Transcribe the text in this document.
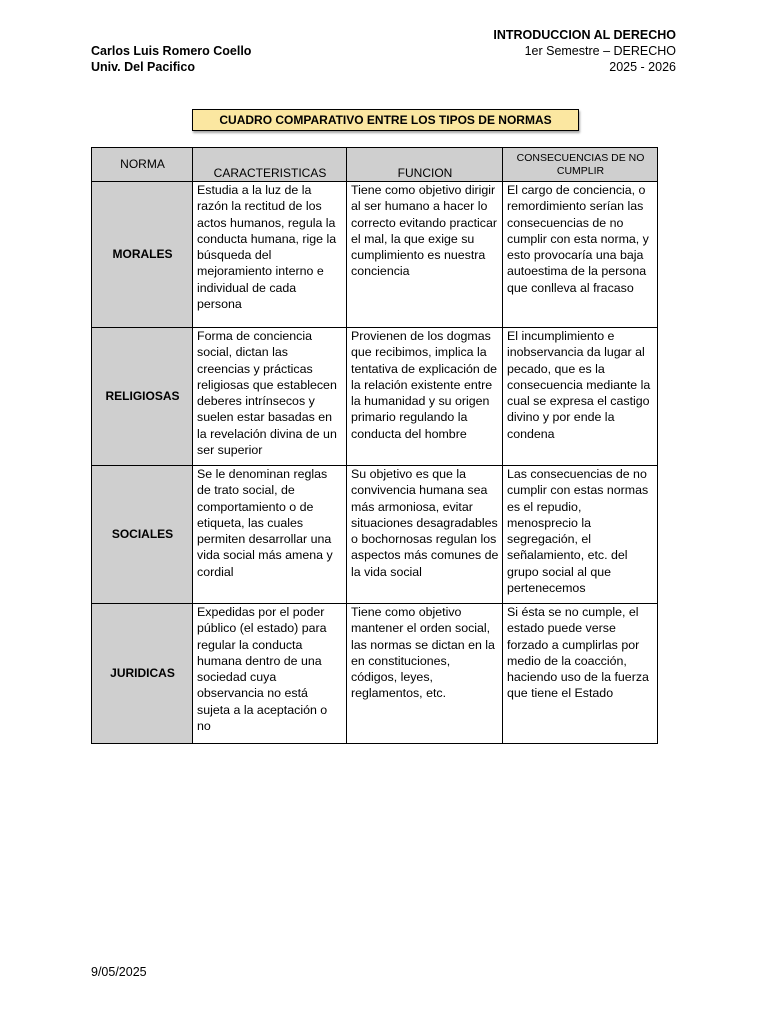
INTRODUCCION AL DERECHO
1er Semestre – DERECHO
2025 - 2026
Carlos Luis Romero Coello
Univ. Del Pacifico
CUADRO COMPARATIVO ENTRE LOS TIPOS DE NORMAS
NORMA	CARACTERISTICAS	FUNCION	CONSECUENCIAS DE NO CUMPLIR
MORALES	Estudia a la luz de la razón la rectitud de los actos humanos, regula la conducta humana, rige la búsqueda del mejoramiento interno e individual de cada persona	Tiene como objetivo dirigir al ser humano a hacer lo correcto evitando practicar el mal, la que exige su cumplimiento es nuestra conciencia	El cargo de conciencia, o remordimiento serían las consecuencias de no cumplir con esta norma, y esto provocaría una baja autoestima de la persona que conlleva al fracaso
RELIGIOSAS	Forma de conciencia social, dictan las creencias y prácticas religiosas que establecen deberes intrínsecos y suelen estar basadas en la revelación divina de un ser superior	Provienen de los dogmas que recibimos, implica la tentativa de explicación de la relación existente entre la humanidad y su origen primario regulando la conducta del hombre	El incumplimiento e inobservancia da lugar al pecado, que es la consecuencia mediante la cual se expresa el castigo divino y por ende la condena
SOCIALES	Se le denominan reglas de trato social, de comportamiento o de etiqueta, las cuales permiten desarrollar una vida social más amena y cordial	Su objetivo es que la convivencia humana sea más armoniosa, evitar situaciones desagradables o bochornosas regulan los aspectos más comunes de la vida social	Las consecuencias de no cumplir con estas normas es el repudio, menosprecio la segregación, el señalamiento, etc. del grupo social al que pertenecemos
JURIDICAS	Expedidas por el poder público (el estado) para regular la conducta humana dentro de una sociedad cuya observancia no está sujeta a la aceptación o no	Tiene como objetivo mantener el orden social, las normas se dictan en la en constituciones, códigos, leyes, reglamentos, etc.	Si ésta se no cumple, el estado puede verse forzado a cumplirlas por medio de la coacción, haciendo uso de la fuerza que tiene el Estado
9/05/2025
